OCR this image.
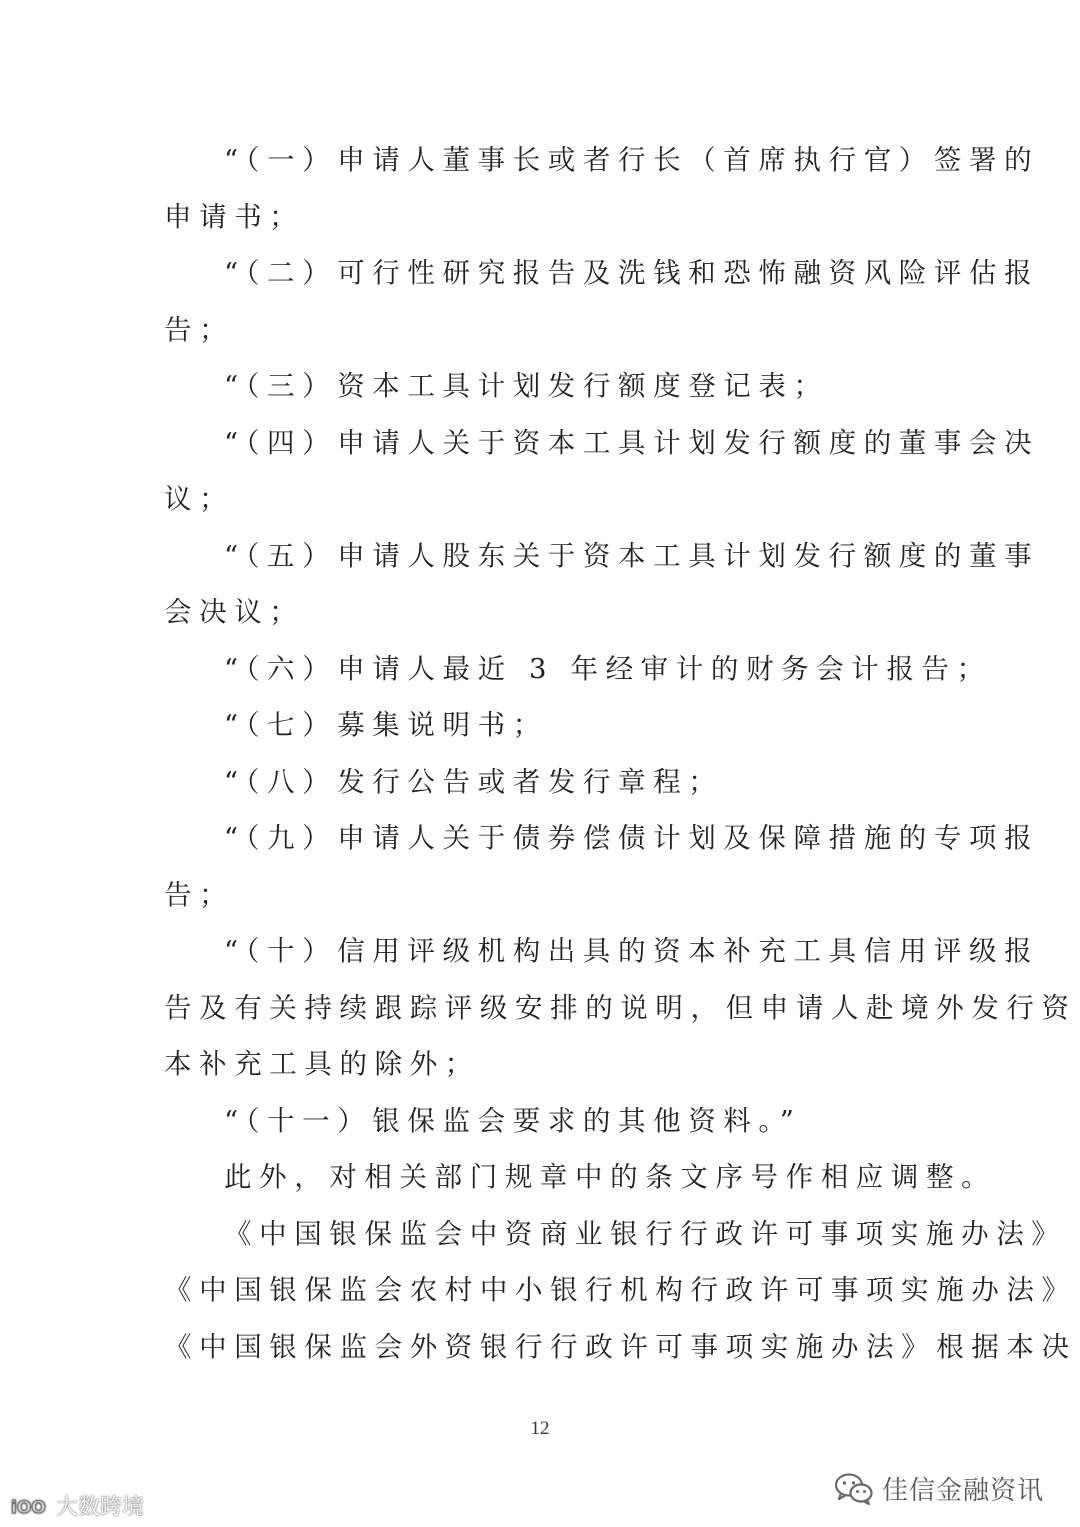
“（一）申请人董事长或者行长（首席执行官）签署的
申请书；
“（二）可行性研究报告及洗钱和恐怖融资风险评估报
告；
“（三）资本工具计划发行额度登记表；
“（四）申请人关于资本工具计划发行额度的董事会决
议；
“（五）申请人股东关于资本工具计划发行额度的董事
会决议；
“（六）申请人最近 3 年经审计的财务会计报告；
“（七）募集说明书；
“（八）发行公告或者发行章程；
“（九）申请人关于债券偿债计划及保障措施的专项报
告；
“（十）信用评级机构出具的资本补充工具信用评级报
告及有关持续跟踪评级安排的说明，但申请人赴境外发行资
本补充工具的除外；
“（十一）银保监会要求的其他资料。”
此外，对相关部门规章中的条文序号作相应调整。
《中国银保监会中资商业银行行政许可事项实施办法》
《中国银保监会农村中小银行机构行政许可事项实施办法》
《中国银保监会外资银行行政许可事项实施办法》根据本决
12
佳信金融资讯
iOO 大数跨境
